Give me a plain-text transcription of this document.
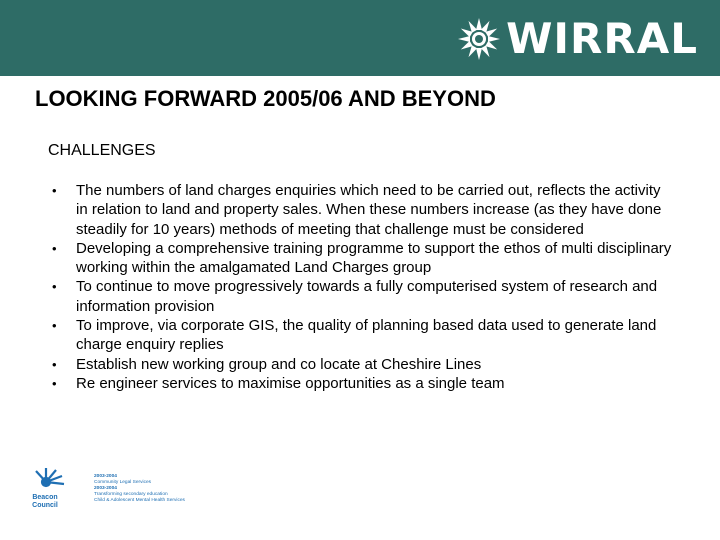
WIRRAL
LOOKING FORWARD 2005/06 AND BEYOND
CHALLENGES
•	The numbers of land charges enquiries which need to be carried out, reflects the activity in relation to land and property sales. When these numbers increase (as they have done steadily for 10 years) methods of meeting that challenge must be considered
•	Developing a comprehensive training programme to support the ethos of multi disciplinary working within the amalgamated Land Charges group
•	To continue to move progressively towards a fully computerised system of research and information provision
•	To improve, via corporate GIS, the quality of planning based data used to generate land charge enquiry replies
•	Establish new working group and co locate at Cheshire Lines
•	Re engineer services to maximise opportunities as a single team
Beacon
Council
2003-2004
Community Legal Services
2003-2004
Transforming secondary education
Child & Adolescent Mental Health Services
